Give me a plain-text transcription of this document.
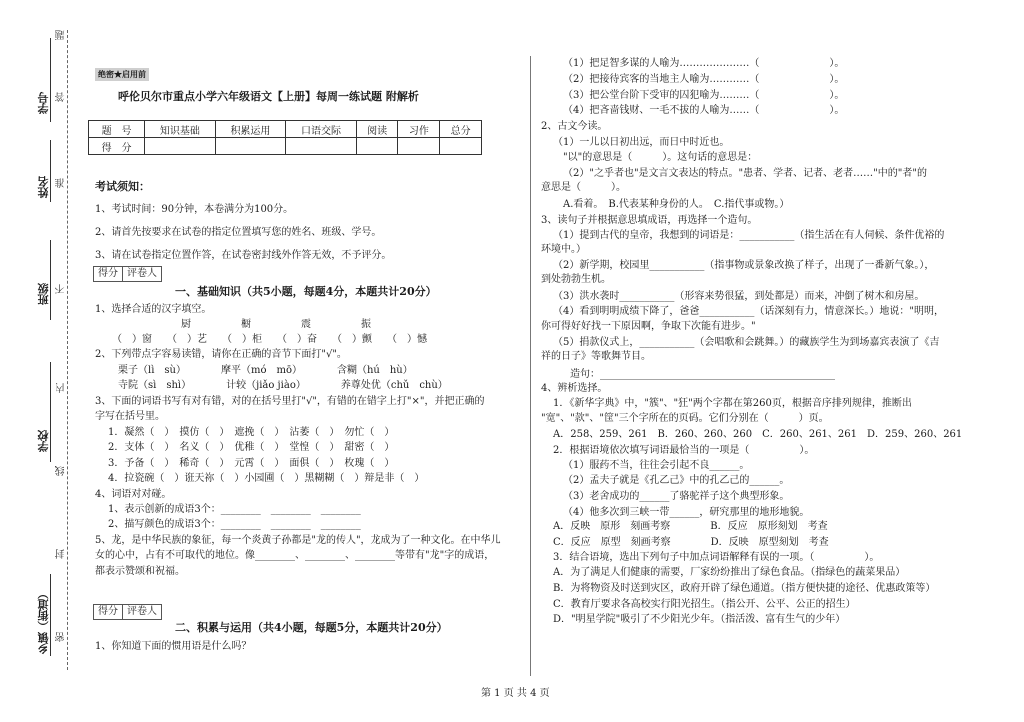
题
学号 答
姓名 准
班级 不
内
学校
线
封
乡镇（街道） 密
绝密★启用前
呼伦贝尔市重点小学六年级语文【上册】每周一练试题 附解析
题　号	知识基础	积累运用	口语交际	阅读	习作	总分
得　分						
考试须知：
1、考试时间：90分钟，本卷满分为100分。
2、请首先按要求在试卷的指定位置填写您的姓名、班级、学号。
3、请在试卷指定位置作答，在试卷密封线外作答无效，不予评分。
得分 评卷人
一、基础知识（共5小题，每题4分，本题共计20分）
1、选择合适的汉字填空。
厨　　　　　橱　　　　　震　　　　　振
（　）窗　　（　）艺　　（　）柜　　（　）奋　　（　）颤　　（　）憾
2、下列带点字容易读错，请你在正确的音节下面打"√"。
栗子（lì　sù）　　　　摩平（mó　mō）　　　　含糊（hú　hù）
寺院（sì　shì）　　　　计较（jiǎo jiào）　　　　养尊处优（chǔ　chù）
3、下面的词语书写有对有错，对的在括号里打"√"，有错的在错字上打"×"，并把正确的
字写在括号里。
1．凝然（　）　摸仿（　）　遮挽（　）　沾萎（　）　勿忙（　）
2．支体（　）　名义（　）　优稚（　）　堂惶（　）　甜密（　）
3．予备（　）　稀奇（　）　元霄（　）　面俱（　）　枚瑰（　）
4．拉瓷碗（　）诳天祢（　）小园圃（　）黑糊糊（　）辩是非（　）
4、词语对对碰。
1、表示创新的成语3个：________　________　________
2、描写颜色的成语3个：________　________　________
5、龙，是中华民族的象征，每一个炎黄子孙都是"龙的传人"，龙成为了一种文化。在中华儿
女的心中，占有不可取代的地位。像________、________、________等带有"龙"字的成语，
都表示赞颂和祝福。
得分 评卷人
二、积累与运用（共4小题，每题5分，本题共计20分）
1、你知道下面的惯用语是什么吗？
（1）把足智多谋的人喻为…………………（　　　　　　　）。
（2）把接待宾客的当地主人喻为…………（　　　　　　　）。
（3）把公堂台阶下受审的囚犯喻为………（　　　　　　　）。
（4）把吝啬钱财、一毛不拔的人喻为……（　　　　　　　）。
2、古文今读。
（1）一儿以日初出远，而日中时近也。
"以"的意思是（　　　）。这句话的意思是：
（2）"之乎者也"是文言文表达的特点。"患者、学者、记者、老者……"中的"者"的
意思是（　　　）。
A.看着。　B.代表某种身份的人。　C.指代事或物。）
3、读句子并根据意思填成语，再选择一个造句。
（1）提到古代的皇帝，我想到的词语是：___________（指生活在有人伺候、条件优裕的
环境中。）
（2）新学期，校园里___________（指事物或景象改换了样子，出现了一番新气象。），
到处勃勃生机。
（3）洪水袭时___________（形容来势很猛，到处都是）而来，冲倒了树木和房屋。
（4）看到明明成绩下降了，爸爸___________（话深刻有力，情意深长。）地说："明明，
你可得好好找一下原因啊，争取下次能有进步。"
（5）捐款仪式上，___________（会唱歌和会跳舞。）的藏族学生为到场嘉宾表演了《吉
祥的日子》等歌舞节目。
造句：_______________________________________________
4、辨析选择。
1．《新华字典》中，"簇"、"狂"两个字都在第260页，根据音序排列规律，推断出
"宽"、"款"、"筐"三个字所在的页码。它们分别在（　　　）页。
A．258、259、261　B．260、260、260　C．260、261、261　D．259、260、261
2．根据语境依次填写词语最恰当的一项是（　　　　　）。
（1）服药不当，往往会引起不良______。
（2）孟夫子就是《孔乙己》中的孔乙己的______。
（3）老舍成功的______了骆驼祥子这个典型形象。
（4）他多次到三峡一带______，研究那里的地形地貌。
A．反映　原形　刻画考察　　　　B．反应　原形刻划　考查
C．反应　原型　刻画考察　　　　D．反映　原型刻划　考查
3．结合语境，选出下列句子中加点词语解释有误的一项。（　　　　　）。
A．为了满足人们健康的需要，厂家纷纷推出了绿色食品。（指绿色的蔬菜果品）
B．为将物资及时送到灾区，政府开辟了绿色通道。（指方便快捷的途径、优惠政策等）
C．教育厅要求各高校实行阳光招生。（指公开、公平、公正的招生）
D．"明星学院"吸引了不少阳光少年。（指活泼、富有生气的少年）
第 1 页 共 4 页
